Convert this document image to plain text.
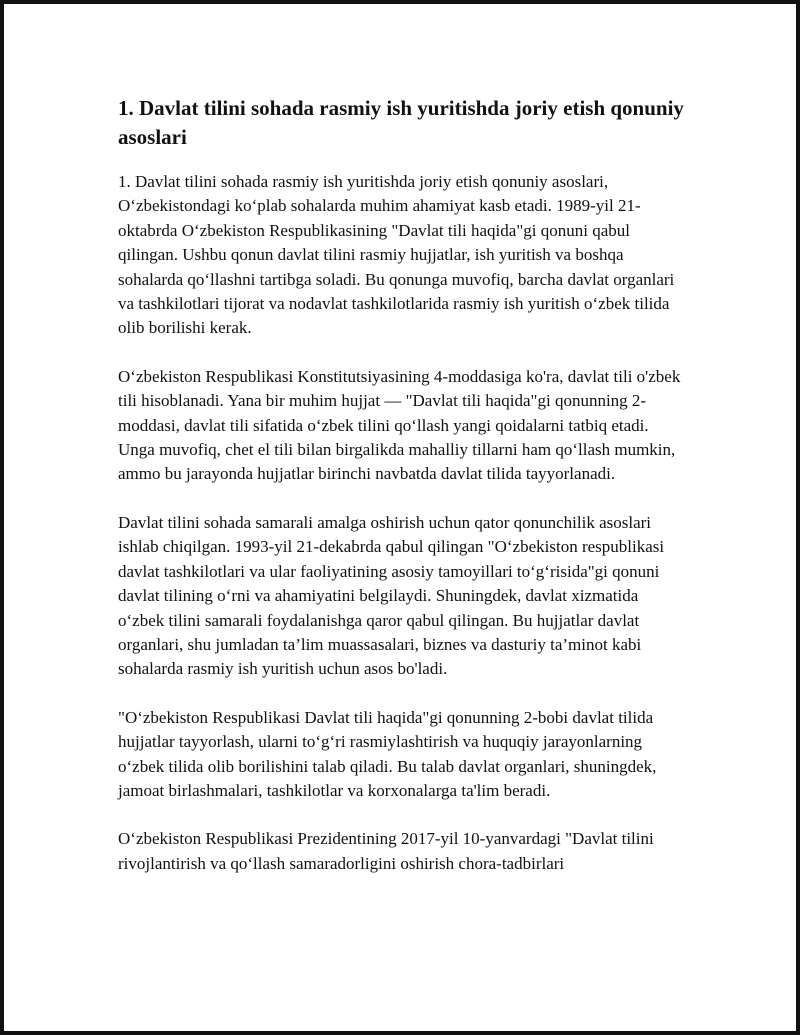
1. Davlat tilini sohada rasmiy ish yuritishda joriy etish qonuniy asoslari

1. Davlat tilini sohada rasmiy ish yuritishda joriy etish qonuniy asoslari, O‘zbekistondagi ko‘plab sohalarda muhim ahamiyat kasb etadi. 1989-yil 21-oktabrda O‘zbekiston Respublikasining "Davlat tili haqida"gi qonuni qabul qilingan. Ushbu qonun davlat tilini rasmiy hujjatlar, ish yuritish va boshqa sohalarda qo‘llashni tartibga soladi. Bu qonunga muvofiq, barcha davlat organlari va tashkilotlari tijorat va nodavlat tashkilotlarida rasmiy ish yuritish o‘zbek tilida olib borilishi kerak.

O‘zbekiston Respublikasi Konstitutsiyasining 4-moddasiga ko'ra, davlat tili o'zbek tili hisoblanadi. Yana bir muhim hujjat — "Davlat tili haqida"gi qonunning 2-moddasi, davlat tili sifatida o‘zbek tilini qo‘llash yangi qoidalarni tatbiq etadi. Unga muvofiq, chet el tili bilan birgalikda mahalliy tillarni ham qo‘llash mumkin, ammo bu jarayonda hujjatlar birinchi navbatda davlat tilida tayyorlanadi.

Davlat tilini sohada samarali amalga oshirish uchun qator qonunchilik asoslari ishlab chiqilgan. 1993-yil 21-dekabrda qabul qilingan "O‘zbekiston respublikasi davlat tashkilotlari va ular faoliyatining asosiy tamoyillari to‘g‘risida"gi qonuni davlat tilining o‘rni va ahamiyatini belgilaydi. Shuningdek, davlat xizmatida o‘zbek tilini samarali foydalanishga qaror qabul qilingan. Bu hujjatlar davlat organlari, shu jumladan ta’lim muassasalari, biznes va dasturiy ta’minot kabi sohalarda rasmiy ish yuritish uchun asos bo'ladi.

"O‘zbekiston Respublikasi Davlat tili haqida"gi qonunning 2-bobi davlat tilida hujjatlar tayyorlash, ularni to‘g‘ri rasmiylashtirish va huquqiy jarayonlarning o‘zbek tilida olib borilishini talab qiladi. Bu talab davlat organlari, shuningdek, jamoat birlashmalari, tashkilotlar va korxonalarga ta'lim beradi.

O‘zbekiston Respublikasi Prezidentining 2017-yil 10-yanvardagi "Davlat tilini rivojlantirish va qo‘llash samaradorligini oshirish chora-tadbirlari
